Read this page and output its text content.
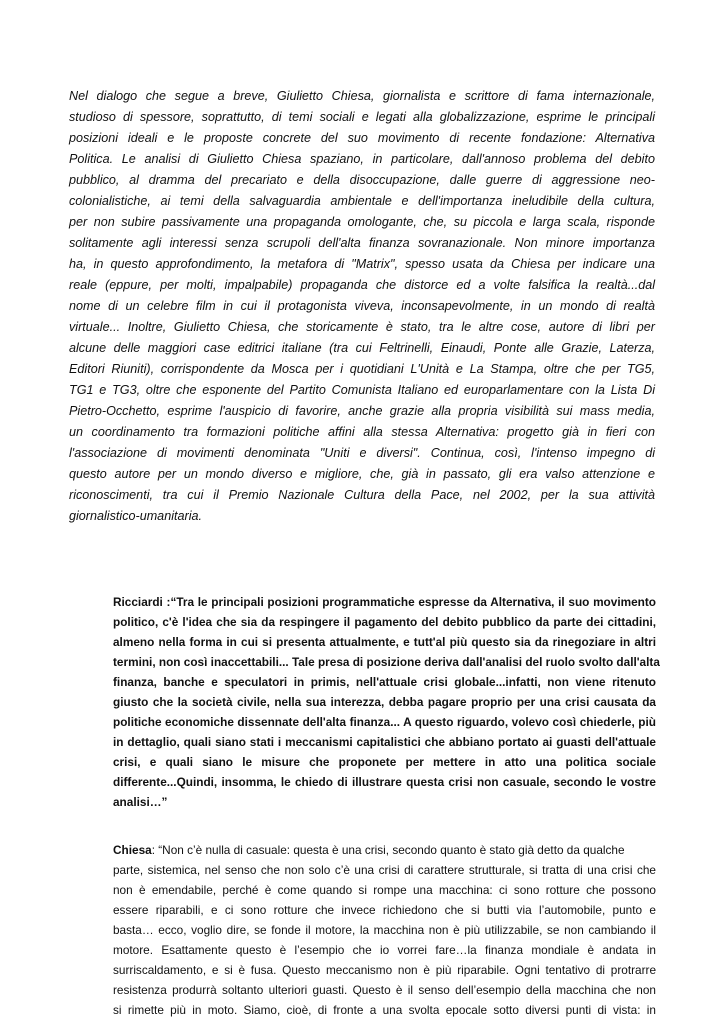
Nel dialogo che segue a breve, Giulietto Chiesa, giornalista e scrittore di fama internazionale,
studioso di spessore, soprattutto, di temi sociali e legati alla globalizzazione, esprime le principali
posizioni ideali e le proposte concrete del suo movimento di recente fondazione: Alternativa
Politica. Le analisi di Giulietto Chiesa spaziano, in particolare, dall'annoso problema del debito
pubblico, al dramma del precariato e della disoccupazione, dalle guerre di aggressione neo-
colonialistiche, ai temi della salvaguardia ambientale e dell'importanza ineludibile della cultura,
per non subire passivamente una propaganda omologante, che, su piccola e larga scala, risponde
solitamente agli interessi senza scrupoli dell'alta finanza sovranazionale. Non minore importanza
ha, in questo approfondimento, la metafora di "Matrix", spesso usata da Chiesa per indicare una
reale (eppure, per molti, impalpabile) propaganda che distorce ed a volte falsifica la realtà...dal
nome di un celebre film in cui il protagonista viveva, inconsapevolmente, in un mondo di realtà
virtuale... Inoltre, Giulietto Chiesa, che storicamente è stato, tra le altre cose, autore di libri per
alcune delle maggiori case editrici italiane (tra cui Feltrinelli, Einaudi, Ponte alle Grazie, Laterza,
Editori Riuniti), corrispondente da Mosca per i quotidiani L'Unità e La Stampa, oltre che per TG5,
TG1 e TG3, oltre che esponente del Partito Comunista Italiano ed europarlamentare con la Lista Di
Pietro-Occhetto, esprime l'auspicio di favorire, anche grazie alla propria visibilità sui mass media,
un coordinamento tra formazioni politiche affini alla stessa Alternativa: progetto già in fieri con
l'associazione di movimenti denominata "Uniti e diversi". Continua, così, l'intenso impegno di
questo autore per un mondo diverso e migliore, che, già in passato, gli era valso attenzione e
riconoscimenti, tra cui il Premio Nazionale Cultura della Pace, nel 2002, per la sua attività
giornalistico-umanitaria.
Ricciardi :“Tra le principali posizioni programmatiche espresse da Alternativa, il suo movimento
politico, c'è l'idea che sia da respingere il pagamento del debito pubblico da parte dei cittadini,
almeno nella forma in cui si presenta attualmente, e tutt'al più questo sia da rinegoziare in altri
termini, non così inaccettabili... Tale presa di posizione deriva dall'analisi del ruolo svolto dall'alta
finanza, banche e speculatori in primis, nell'attuale crisi globale...infatti, non viene ritenuto
giusto che la società civile, nella sua interezza, debba pagare proprio per una crisi causata da
politiche economiche dissennate dell'alta finanza... A questo riguardo, volevo così chiederle, più
in dettaglio, quali siano stati i meccanismi capitalistici che abbiano portato ai guasti dell'attuale
crisi, e quali siano le misure che proponete per mettere in atto una politica sociale
differente...Quindi, insomma, le chiedo di illustrare questa crisi non casuale, secondo le vostre
analisi…”
Chiesa: “Non c’è nulla di casuale: questa è una crisi, secondo quanto è stato già detto da qualche
parte, sistemica, nel senso che non solo c’è una crisi di carattere strutturale, si tratta di una crisi che
non è emendabile, perché è come quando si rompe una macchina: ci sono rotture che possono
essere riparabili, e ci sono rotture che invece richiedono che si butti via l’automobile, punto e
basta… ecco, voglio dire, se fonde il motore, la macchina non è più utilizzabile, se non cambiando il
motore. Esattamente questo è l’esempio che io vorrei fare…la finanza mondiale è andata in
surriscaldamento, e si è fusa. Questo meccanismo non è più riparabile. Ogni tentativo di protrarre
resistenza produrrà soltanto ulteriori guasti. Questo è il senso dell’esempio della macchina che non
si rimette più in moto. Siamo, cioè, di fronte a una svolta epocale sotto diversi punti di vista: in
